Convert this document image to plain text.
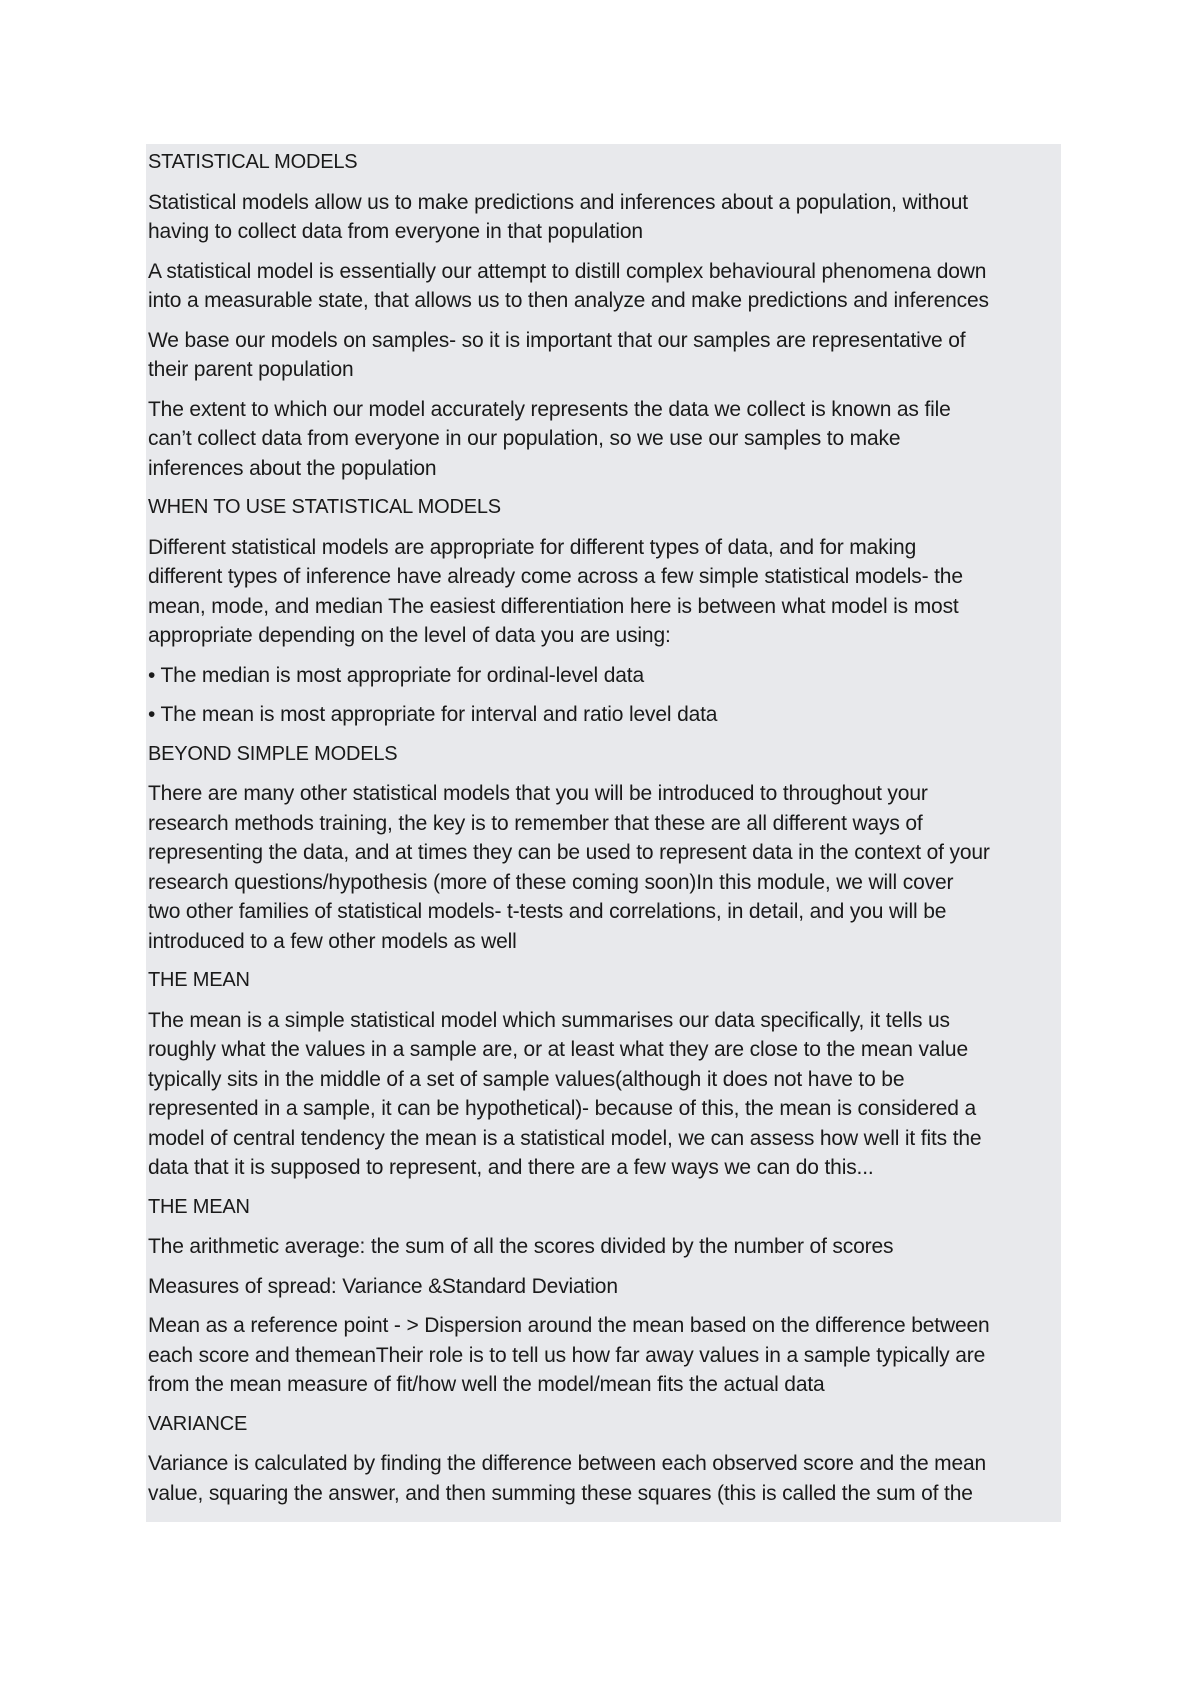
STATISTICAL MODELS

Statistical models allow us to make predictions and inferences about a population, without
having to collect data from everyone in that population

A statistical model is essentially our attempt to distill complex behavioural phenomena down
into a measurable state, that allows us to then analyze and make predictions and inferences

We base our models on samples- so it is important that our samples are representative of
their parent population

The extent to which our model accurately represents the data we collect is known as file
can’t collect data from everyone in our population, so we use our samples to make
inferences about the population

WHEN TO USE STATISTICAL MODELS

Different statistical models are appropriate for different types of data, and for making
different types of inference have already come across a few simple statistical models- the
mean, mode, and median The easiest differentiation here is between what model is most
appropriate depending on the level of data you are using:

• The median is most appropriate for ordinal-level data

• The mean is most appropriate for interval and ratio level data

BEYOND SIMPLE MODELS

There are many other statistical models that you will be introduced to throughout your
research methods training, the key is to remember that these are all different ways of
representing the data, and at times they can be used to represent data in the context of your
research questions/hypothesis (more of these coming soon)In this module, we will cover
two other families of statistical models- t-tests and correlations, in detail, and you will be
introduced to a few other models as well

THE MEAN

The mean is a simple statistical model which summarises our data specifically, it tells us
roughly what the values in a sample are, or at least what they are close to the mean value
typically sits in the middle of a set of sample values(although it does not have to be
represented in a sample, it can be hypothetical)- because of this, the mean is considered a
model of central tendency the mean is a statistical model, we can assess how well it fits the
data that it is supposed to represent, and there are a few ways we can do this...

THE MEAN

The arithmetic average: the sum of all the scores divided by the number of scores

Measures of spread: Variance &Standard Deviation

Mean as a reference point - > Dispersion around the mean based on the difference between
each score and themeanTheir role is to tell us how far away values in a sample typically are
from the mean measure of fit/how well the model/mean fits the actual data

VARIANCE

Variance is calculated by finding the difference between each observed score and the mean
value, squaring the answer, and then summing these squares (this is called the sum of the
